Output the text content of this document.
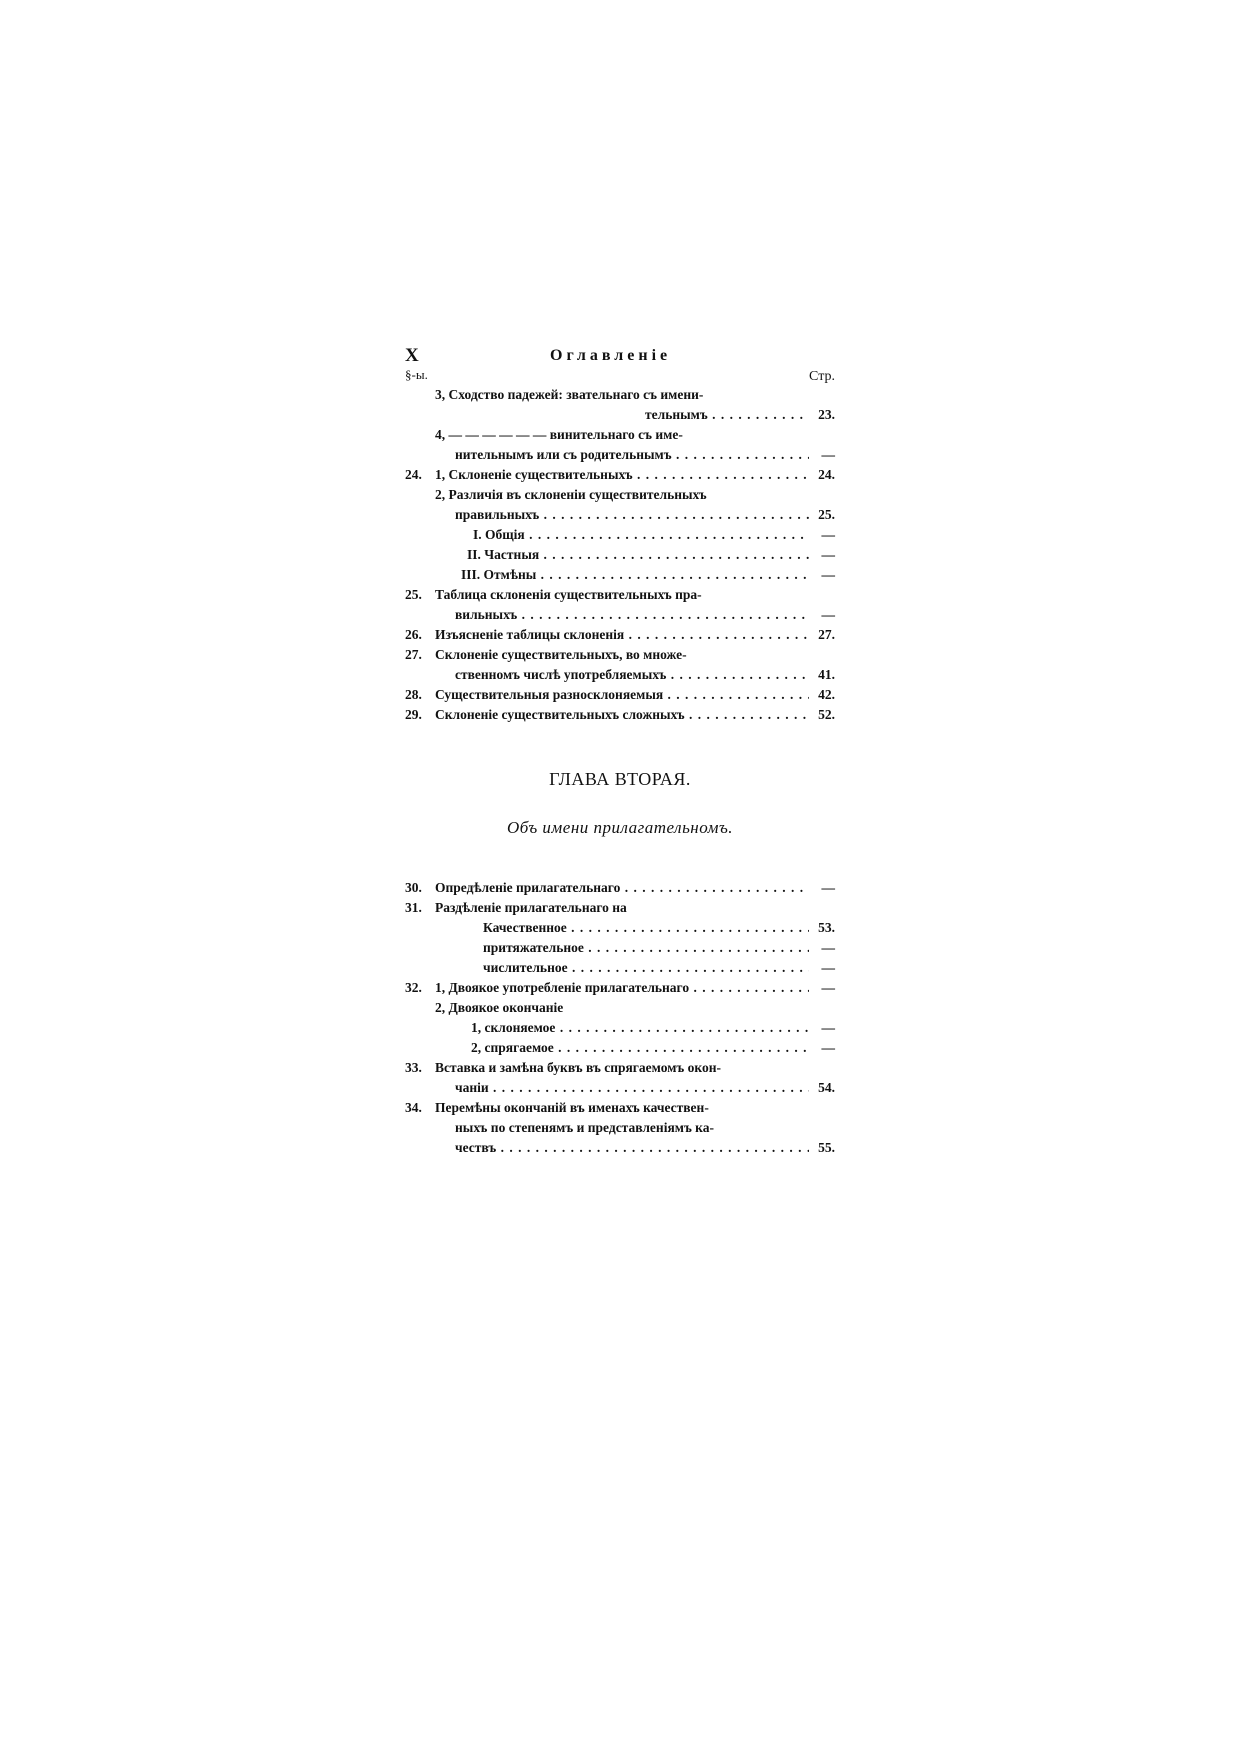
X	Оглавленіе
§-ы.	Стр.
3, Сходство падежей: звательнаго съ имени-
тельнымъ . . .	23.
4, — — — — — — винительнаго съ име-
нительнымъ или съ родительнымъ . . .	—
24. 1, Склоненіе существительныхъ . . .	24.
2, Различія въ склоненіи существительныхъ
правильныхъ . . .	25.
I. Общія . . .	—
II. Частныя . . .	—
III. Отмѣны . . .	—
25. Таблица склоненія существительныхъ пра-
вильныхъ . . .	—
26. Изъясненіе таблицы склоненія . . .	27.
27. Склоненіе существительныхъ, во множе-
ственномъ числѣ употребляемыхъ . . .	41.
28. Существительныя разносклоняемыя . . .	42.
29. Склоненіе существительныхъ сложныхъ . . .	52.
ГЛАВА ВТОРАЯ.
Объ имени прилагательномъ.
30. Опредѣленіе прилагательнаго . . .	—
31. Раздѣленіе прилагательнаго на
Качественное . . .	53.
притяжательное . . .	—
числительное . . .	—
32. 1, Двоякое употребленіе прилагательнаго . . .	—
2, Двоякое окончаніе
1, склоняемое . . .	—
2, спрягаемое . . .	—
33. Вставка и замѣна буквъ въ спрягаемомъ окон-
чаніи . . .	54.
34. Перемѣны окончаній въ именахъ качествен-
ныхъ по степенямъ и представленіямъ ка-
чествъ . . .	55.
